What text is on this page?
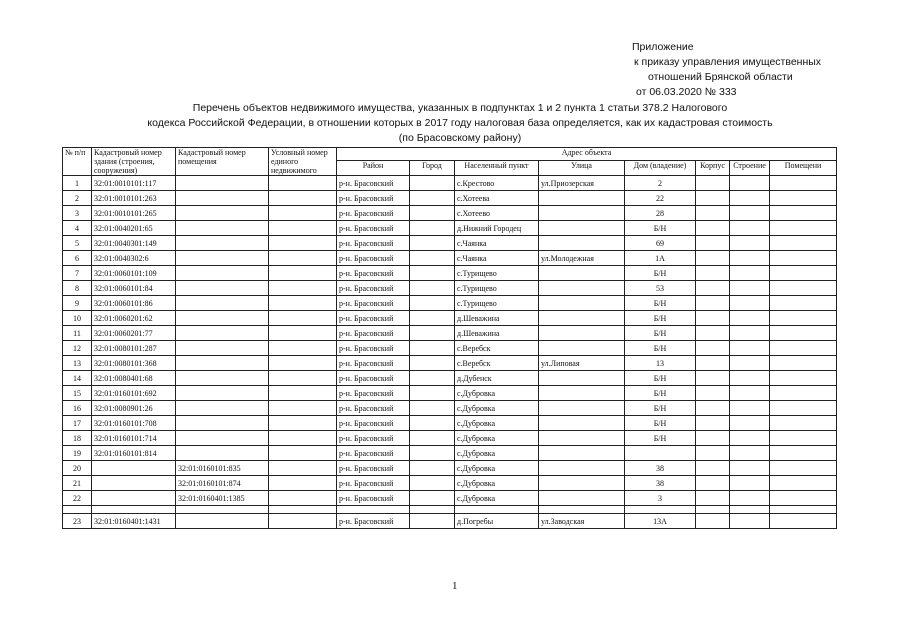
Приложение
к приказу управления имущественных
отношений Брянской области
от 06.03.2020 № 333
Перечень объектов недвижимого имущества, указанных в подпунктах 1 и 2 пункта 1 статьи 378.2 Налогового
кодекса Российской Федерации, в отношении которых в 2017 году налоговая база определяется, как их кадастровая стоимость
(по Брасовскому району)
№ п/п	Кадастровый номер здания (строения, сооружения)	Кадастровый номер помещения	Условный номер единого недвижимого	Адрес объекта							
				Район	Город	Населенный пункт	Улица	Дом (владение)	Корпус	Строение	Помещени
1	32:01:0010101:117			р-н. Брасовский		с.Крестово	ул.Приозерская	2			
2	32:01:0010101:263			р-н. Брасовский		с.Хотеева		22			
3	32:01:0010101:265			р-н. Брасовский		с.Хотеево		28			
4	32:01:0040201:65			р-н. Брасовский		д.Нижний Городец		Б/Н			
5	32:01:0040301:149			р-н. Брасовский		с.Чаянка		69			
6	32:01:0040302:6			р-н. Брасовский		с.Чаянка	ул.Молодежная	1А			
7	32:01:0060101:109			р-н. Брасовский		с.Турищево		Б/Н			
8	32:01:0060101:84			р-н. Брасовский		с.Турищево		53			
9	32:01:0060101:86			р-н. Брасовский		с.Турищево		Б/Н			
10	32:01:0060201:62			р-н. Брасовский		д.Шеважина		Б/Н			
11	32:01:0060201:77			р-н. Брасовский		д.Шеважина		Б/Н			
12	32:01:0080101:287			р-н. Брасовский		с.Веребск		Б/Н			
13	32:01:0080101:368			р-н. Брасовский		с.Веребск	ул.Липовая	13			
14	32:01:0080401:68			р-н. Брасовский		д.Дубенск		Б/Н			
15	32:01:0160101:692			р-н. Брасовский		с.Дубровка		Б/Н			
16	32:01:0080901:26			р-н. Брасовский		с.Дубровка		Б/Н			
17	32:01:0160101:708			р-н. Брасовский		с.Дубровка		Б/Н			
18	32:01:0160101:714			р-н. Брасовский		с.Дубровка		Б/Н			
19	32:01:0160101:814			р-н. Брасовский		с.Дубровка					
20		32:01:0160101:835		р-н. Брасовский		с.Дубровка		38			
21		32:01:0160101:874		р-н. Брасовский		с.Дубровка		38			
22		32:01:0160401:1385		р-н. Брасовский		с.Дубровка		3			

23	32:01:0160401:1431			р-н. Брасовский		д.Погребы	ул.Заводская	13А			
1
